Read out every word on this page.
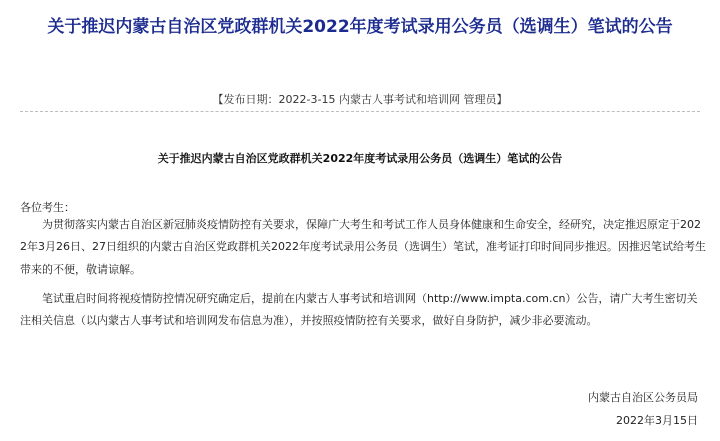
关于推迟内蒙古自治区党政群机关2022年度考试录用公务员（选调生）笔试的公告
【发布日期：2022-3-15 内蒙古人事考试和培训网 管理员】
关于推迟内蒙古自治区党政群机关2022年度考试录用公务员（选调生）笔试的公告
各位考生：

为贯彻落实内蒙古自治区新冠肺炎疫情防控有关要求，保障广大考生和考试工作人员身体健康和生命安全，经研究，决定推迟原定于2022年3月26日、27日组织的内蒙古自治区党政群机关2022年度考试录用公务员（选调生）笔试，准考证打印时间同步推迟。因推迟笔试给考生带来的不便，敬请谅解。

笔试重启时间将视疫情防控情况研究确定后，提前在内蒙古人事考试和培训网（http://www.impta.com.cn）公告，请广大考生密切关注相关信息（以内蒙古人事考试和培训网发布信息为准），并按照疫情防控有关要求，做好自身防护，减少非必要流动。

内蒙古自治区公务员局
2022年3月15日
